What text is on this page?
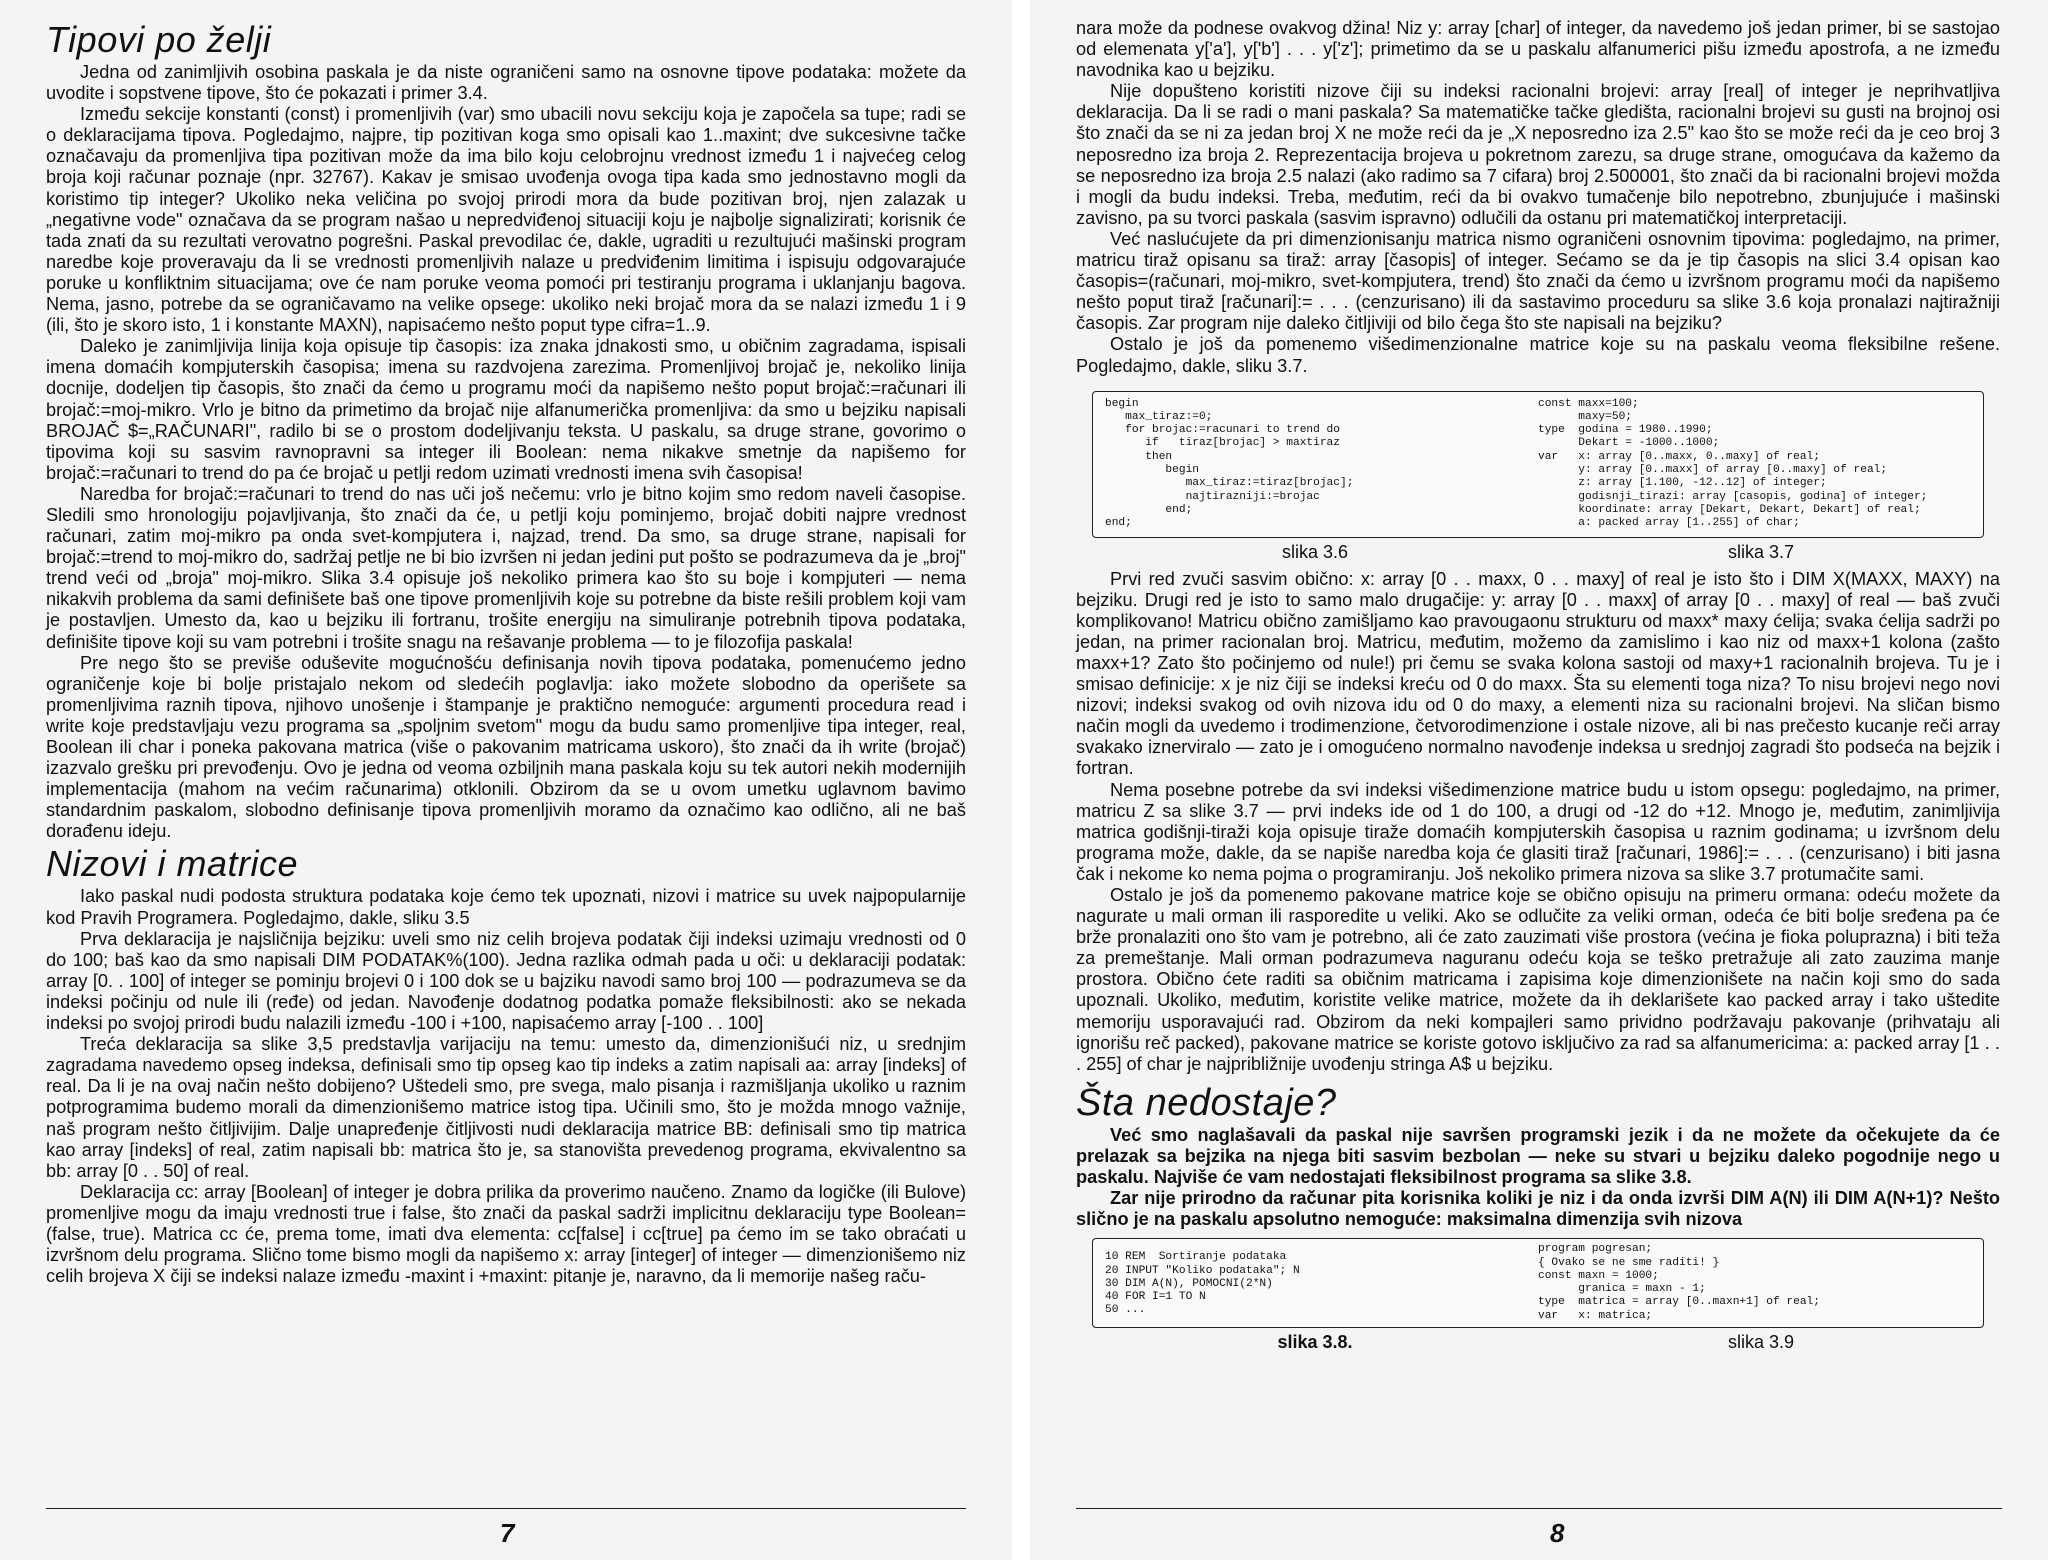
Tipovi po želji

Jedna od zanimljivih osobina paskala je da niste ograničeni samo na osnovne tipove podataka: možete da uvodite i sopstvene tipove, što će pokazati i primer 3.4.

Između sekcije konstanti (const) i promenljivih (var) smo ubacili novu sekciju koja je započela sa tupe; radi se o deklaracijama tipova. Pogledajmo, najpre, tip pozitivan koga smo opisali kao 1..maxint; dve sukcesivne tačke označavaju da promenljiva tipa pozitivan može da ima bilo koju celobrojnu vrednost između 1 i najvećeg celog broja koji računar poznaje (npr. 32767). Kakav je smisao uvođenja ovoga tipa kada smo jednostavno mogli da koristimo tip integer? Ukoliko neka veličina po svojoj prirodi mora da bude pozitivan broj, njen zalazak u „negativne vode" označava da se program našao u nepredviđenoj situaciji koju je najbolje signalizirati; korisnik će tada znati da su rezultati verovatno pogrešni. Paskal prevodilac će, dakle, ugraditi u rezultujući mašinski program naredbe koje proveravaju da li se vrednosti promenljivih nalaze u predviđenim limitima i ispisuju odgovarajuće poruke u konfliktnim situacijama; ove će nam poruke veoma pomoći pri testiranju programa i uklanjanju bagova. Nema, jasno, potrebe da se ograničavamo na velike opsege: ukoliko neki brojač mora da se nalazi između 1 i 9 (ili, što je skoro isto, 1 i konstante MAXN), napisaćemo nešto poput type cifra=1..9.

Daleko je zanimljivija linija koja opisuje tip časopis: iza znaka jdnakosti smo, u običnim zagradama, ispisali imena domaćih kompjuterskih časopisa; imena su razdvojena zarezima. Promenljivoj brojač je, nekoliko linija docnije, dodeljen tip časopis, što znači da ćemo u programu moći da napišemo nešto poput brojač:=računari ili brojač:=moj-mikro. Vrlo je bitno da primetimo da brojač nije alfanumerička promenljiva: da smo u bejziku napisali BROJAČ $=„RAČUNARI", radilo bi se o prostom dodeljivanju teksta. U paskalu, sa druge strane, govorimo o tipovima koji su sasvim ravnopravni sa integer ili Boolean: nema nikakve smetnje da napišemo for brojač:=računari to trend do pa će brojač u petlji redom uzimati vrednosti imena svih časopisa!

Naredba for brojač:=računari to trend do nas uči još nečemu: vrlo je bitno kojim smo redom naveli časopise. Sledili smo hronologiju pojavljivanja, što znači da će, u petlji koju pominjemo, brojač dobiti najpre vrednost računari, zatim moj-mikro pa onda svet-kompjutera i, najzad, trend. Da smo, sa druge strane, napisali for brojač:=trend to moj-mikro do, sadržaj petlje ne bi bio izvršen ni jedan jedini put pošto se podrazumeva da je „broj" trend veći od „broja" moj-mikro. Slika 3.4 opisuje još nekoliko primera kao što su boje i kompjuteri — nema nikakvih problema da sami definišete baš one tipove promenljivih koje su potrebne da biste rešili problem koji vam je postavljen. Umesto da, kao u bejziku ili fortranu, trošite energiju na simuliranje potrebnih tipova podataka, definišite tipove koji su vam potrebni i trošite snagu na rešavanje problema — to je filozofija paskala!

Pre nego što se previše oduševite mogućnošću definisanja novih tipova podataka, pomenućemo jedno ograničenje koje bi bolje pristajalo nekom od sledećih poglavlja: iako možete slobodno da operišete sa promenljivima raznih tipova, njihovo unošenje i štampanje je praktično nemoguće: argumenti procedura read i write koje predstavljaju vezu programa sa „spoljnim svetom" mogu da budu samo promenljive tipa integer, real, Boolean ili char i poneka pakovana matrica (više o pakovanim matricama uskoro), što znači da ih write (brojač) izazvalo grešku pri prevođenju. Ovo je jedna od veoma ozbiljnih mana paskala koju su tek autori nekih modernijih implementacija (mahom na većim računarima) otklonili. Obzirom da se u ovom umetku uglavnom bavimo standardnim paskalom, slobodno definisanje tipova promenljivih moramo da označimo kao odlično, ali ne baš dorađenu ideju.

Nizovi i matrice

Iako paskal nudi podosta struktura podataka koje ćemo tek upoznati, nizovi i matrice su uvek najpopularnije kod Pravih Programera. Pogledajmo, dakle, sliku 3.5

Prva deklaracija je najsličnija bejziku: uveli smo niz celih brojeva podatak čiji indeksi uzimaju vrednosti od 0 do 100; baš kao da smo napisali DIM PODATAK%(100). Jedna razlika odmah pada u oči: u deklaraciji podatak: array [0. . 100] of integer se pominju brojevi 0 i 100 dok se u bajziku navodi samo broj 100 — podrazumeva se da indeksi počinju od nule ili (ređe) od jedan. Navođenje dodatnog podatka pomaže fleksibilnosti: ako se nekada indeksi po svojoj prirodi budu nalazili između -100 i +100, napisaćemo array [-100 . . 100]

Treća deklaracija sa slike 3,5 predstavlja varijaciju na temu: umesto da, dimenzionišući niz, u srednjim zagradama navedemo opseg indeksa, definisali smo tip opseg kao tip indeks a zatim napisali aa: array [indeks] of real. Da li je na ovaj način nešto dobijeno? Uštedeli smo, pre svega, malo pisanja i razmišljanja ukoliko u raznim potprogramima budemo morali da dimenzionišemo matrice istog tipa. Učinili smo, što je možda mnogo važnije, naš program nešto čitljivijim. Dalje unapređenje čitljivosti nudi deklaracija matrice BB: definisali smo tip matrica kao array [indeks] of real, zatim napisali bb: matrica što je, sa stanovišta prevedenog programa, ekvivalentno sa bb: array [0 . . 50] of real.

Deklaracija cc: array [Boolean] of integer je dobra prilika da proverimo naučeno. Znamo da logičke (ili Bulove) promenljive mogu da imaju vrednosti true i false, što znači da paskal sadrži implicitnu deklaraciju type Boolean=(false, true). Matrica cc će, prema tome, imati dva elementa: cc[false] i cc[true] pa ćemo im se tako obraćati u izvršnom delu programa. Slično tome bismo mogli da napišemo x: array [integer] of integer — dimenzionišemo niz celih brojeva X čiji se indeksi nalaze između -maxint i +maxint: pitanje je, naravno, da li memorije našeg raču-

7

nara može da podnese ovakvog džina! Niz y: array [char] of integer, da navedemo još jedan primer, bi se sastojao od elemenata y['a'], y['b'] . . . y['z']; primetimo da se u paskalu alfanumerici pišu između apostrofa, a ne između navodnika kao u bejziku.

Nije dopušteno koristiti nizove čiji su indeksi racionalni brojevi: array [real] of integer je neprihvatljiva deklaracija. Da li se radi o mani paskala? Sa matematičke tačke gledišta, racionalni brojevi su gusti na brojnoj osi što znači da se ni za jedan broj X ne može reći da je „X neposredno iza 2.5" kao što se može reći da je ceo broj 3 neposredno iza broja 2. Reprezentacija brojeva u pokretnom zarezu, sa druge strane, omogućava da kažemo da se neposredno iza broja 2.5 nalazi (ako radimo sa 7 cifara) broj 2.500001, što znači da bi racionalni brojevi možda i mogli da budu indeksi. Treba, međutim, reći da bi ovakvo tumačenje bilo nepotrebno, zbunjujuće i mašinski zavisno, pa su tvorci paskala (sasvim ispravno) odlučili da ostanu pri matematičkoj interpretaciji.

Već naslućujete da pri dimenzionisanju matrica nismo ograničeni osnovnim tipovima: pogledajmo, na primer, matricu tiraž opisanu sa tiraž: array [časopis] of integer. Sećamo se da je tip časopis na slici 3.4 opisan kao časopis=(računari, moj-mikro, svet-kompjutera, trend) što znači da ćemo u izvršnom programu moći da napišemo nešto poput tiraž [računari]:= . . . (cenzurisano) ili da sastavimo proceduru sa slike 3.6 koja pronalazi najtiražniji časopis. Zar program nije daleko čitljiviji od bilo čega što ste napisali na bejziku?

Ostalo je još da pomenemo višedimenzionalne matrice koje su na paskalu veoma fleksibilne rešene. Pogledajmo, dakle, sliku 3.7.

begin
max_tiraz:=0;
for brojac:=racunari to trend do
if   tiraz[brojac] > maxtiraz
then
begin
max_tiraz:=tiraz[brojac];
najtirazniji:=brojac
end;
end;
const maxx=100;
maxy=50;
type  godina = 1980..1990;
Dekart = -1000..1000;
var   x: array [0..maxx, 0..maxy] of real;
y: array [0..maxx] of array [0..maxy] of real;
z: array [1.100, -12..12] of integer;
godisnji_tirazi: array [casopis, godina] of integer;
koordinate: array [Dekart, Dekart, Dekart] of real;
a: packed array [1..255] of char;
slika 3.6	slika 3.7

Prvi red zvuči sasvim obično: x: array [0 . . maxx, 0 . . maxy] of real je isto što i DIM X(MAXX, MAXY) na bejziku. Drugi red je isto to samo malo drugačije: y: array [0 . . maxx] of array [0 . . maxy] of real — baš zvuči komplikovano! Matricu obično zamišljamo kao pravougaonu strukturu od maxx* maxy ćelija; svaka ćelija sadrži po jedan, na primer racionalan broj. Matricu, međutim, možemo da zamislimo i kao niz od maxx+1 kolona (zašto maxx+1? Zato što počinjemo od nule!) pri čemu se svaka kolona sastoji od maxy+1 racionalnih brojeva. Tu je i smisao definicije: x je niz čiji se indeksi kreću od 0 do maxx. Šta su elementi toga niza? To nisu brojevi nego novi nizovi; indeksi svakog od ovih nizova idu od 0 do maxy, a elementi niza su racionalni brojevi. Na sličan bismo način mogli da uvedemo i trodimenzione, četvorodimenzione i ostale nizove, ali bi nas prečesto kucanje reči array svakako iznerviralo — zato je i omogućeno normalno navođenje indeksa u srednjoj zagradi što podseća na bejzik i fortran.

Nema posebne potrebe da svi indeksi višedimenzione matrice budu u istom opsegu: pogledajmo, na primer, matricu Z sa slike 3.7 — prvi indeks ide od 1 do 100, a drugi od -12 do +12. Mnogo je, međutim, zanimljivija matrica godišnji-tiraži koja opisuje tiraže domaćih kompjuterskih časopisa u raznim godinama; u izvršnom delu programa može, dakle, da se napiše naredba koja će glasiti tiraž [računari, 1986]:= . . . (cenzurisano) i biti jasna čak i nekome ko nema pojma o programiranju. Još nekoliko primera nizova sa slike 3.7 protumačite sami.

Ostalo je još da pomenemo pakovane matrice koje se obično opisuju na primeru ormana: odeću možete da nagurate u mali orman ili rasporedite u veliki. Ako se odlučite za veliki orman, odeća će biti bolje sređena pa će brže pronalaziti ono što vam je potrebno, ali će zato zauzimati više prostora (većina je fioka poluprazna) i biti teža za premeštanje. Mali orman podrazumeva naguranu odeću koja se teško pretražuje ali zato zauzima manje prostora. Obično ćete raditi sa običnim matricama i zapisima koje dimenzionišete na način koji smo do sada upoznali. Ukoliko, međutim, koristite velike matrice, možete da ih deklarišete kao packed array i tako uštedite memoriju usporavajući rad. Obzirom da neki kompajleri samo prividno podržavaju pakovanje (prihvataju ali ignorišu reč packed), pakovane matrice se koriste gotovo isključivo za rad sa alfanumericima: a: packed array [1 . . . 255] of char je najpribližnije uvođenju stringa A$ u bejziku.

Šta nedostaje?

Već smo naglašavali da paskal nije savršen programski jezik i da ne možete da očekujete da će prelazak sa bejzika na njega biti sasvim bezbolan — neke su stvari u bejziku daleko pogodnije nego u paskalu. Najviše će vam nedostajati fleksibilnost programa sa slike 3.8.

Zar nije prirodno da računar pita korisnika koliki je niz i da onda izvrši DIM A(N) ili DIM A(N+1)? Nešto slično je na paskalu apsolutno nemoguće: maksimalna dimenzija svih nizova

10 REM  Sortiranje podataka
20 INPUT "Koliko podataka"; N
30 DIM A(N), POMOCNI(2*N)
40 FOR I=1 TO N
50 ...
program pogresan;
{ Ovako se ne sme raditi! }
const maxn = 1000;
granica = maxn - 1;
type  matrica = array [0..maxn+1] of real;
var   x: matrica;
slika 3.8.	slika 3.9
8
